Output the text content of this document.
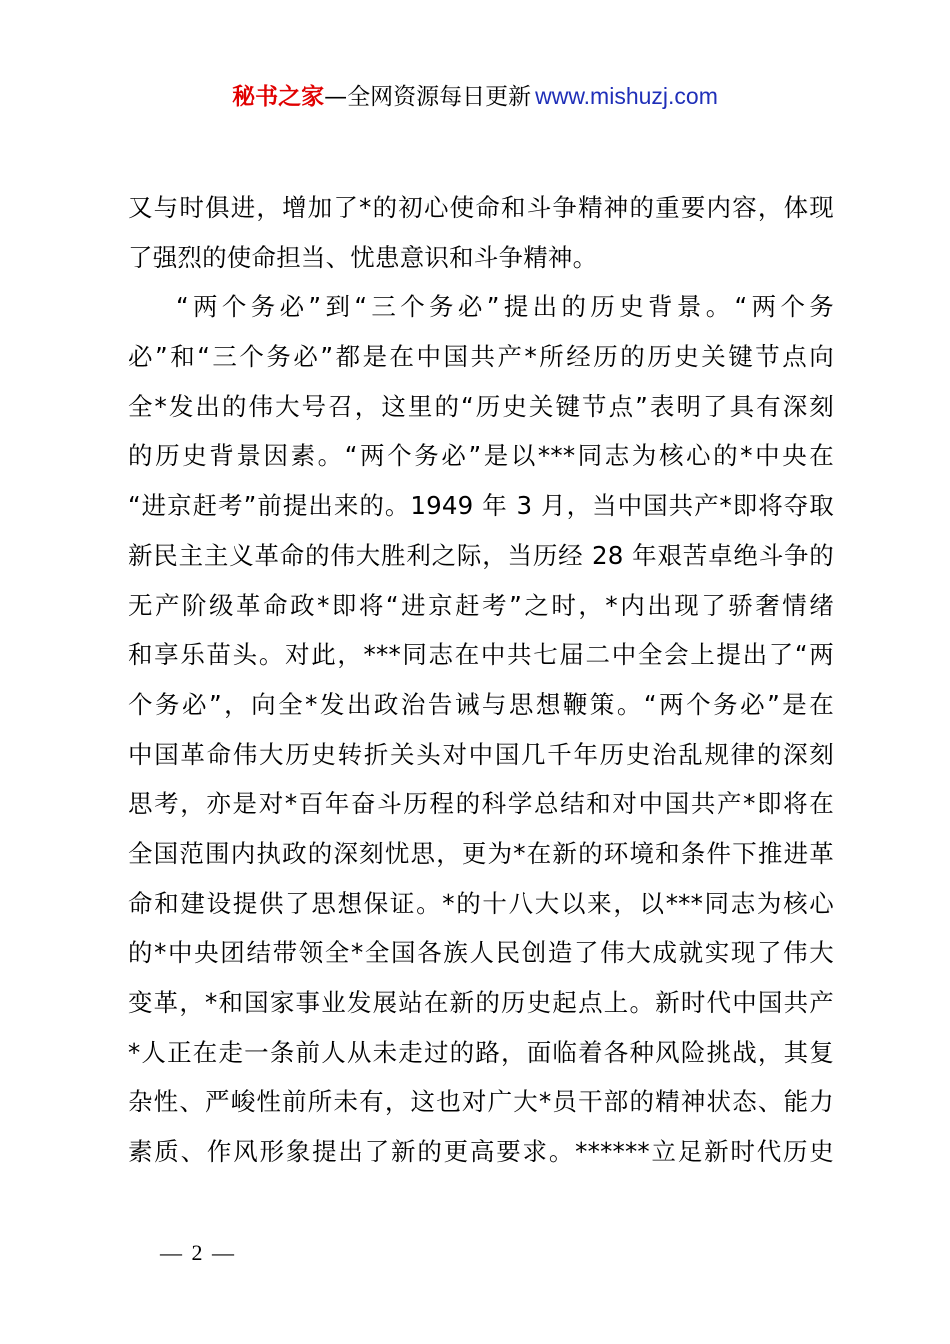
秘书之家—全网资源每日更新 www.mishuzj.com
又与时俱进，增加了*的初心使命和斗争精神的重要内容，体现
了强烈的使命担当、忧患意识和斗争精神。
“两个务必”到“三个务必”提出的历史背景。“两个务
必”和“三个务必”都是在中国共产*所经历的历史关键节点向
全*发出的伟大号召，这里的“历史关键节点”表明了具有深刻
的历史背景因素。“两个务必”是以***同志为核心的*中央在
“进京赶考”前提出来的。1949 年 3 月，当中国共产*即将夺取
新民主主义革命的伟大胜利之际，当历经 28 年艰苦卓绝斗争的
无产阶级革命政*即将“进京赶考”之时，*内出现了骄奢情绪
和享乐苗头。对此，***同志在中共七届二中全会上提出了“两
个务必”，向全*发出政治告诫与思想鞭策。“两个务必”是在
中国革命伟大历史转折关头对中国几千年历史治乱规律的深刻
思考，亦是对*百年奋斗历程的科学总结和对中国共产*即将在
全国范围内执政的深刻忧思，更为*在新的环境和条件下推进革
命和建设提供了思想保证。*的十八大以来，以***同志为核心
的*中央团结带领全*全国各族人民创造了伟大成就实现了伟大
变革，*和国家事业发展站在新的历史起点上。新时代中国共产
*人正在走一条前人从未走过的路，面临着各种风险挑战，其复
杂性、严峻性前所未有，这也对广大*员干部的精神状态、能力
素质、作风形象提出了新的更高要求。******立足新时代历史
— 2 —
